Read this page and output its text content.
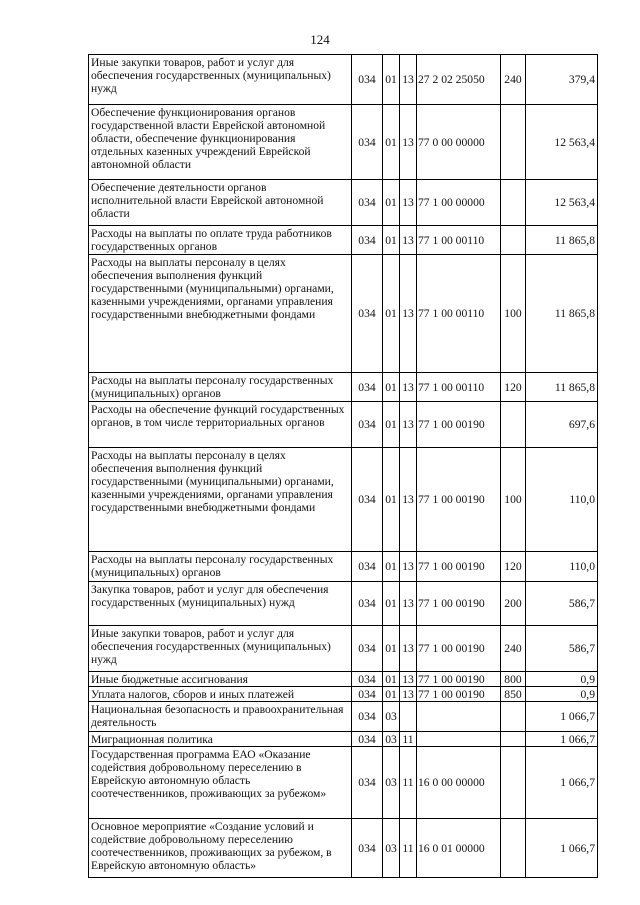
124
Иные закупки товаров, работ и услуг для обеспечения государственных (муниципальных) нужд	034	01	13	27 2 02 25050	240	379,4
Обеспечение функционирования органов государственной власти Еврейской автономной области, обеспечение функционирования отдельных казенных учреждений Еврейской автономной области	034	01	13	77 0 00 00000		12 563,4
Обеспечение деятельности органов исполнительной власти Еврейской автономной области	034	01	13	77 1 00 00000		12 563,4
Расходы на выплаты по оплате труда работников государственных органов	034	01	13	77 1 00 00110		11 865,8
Расходы на выплаты персоналу в целях обеспечения выполнения функций государственными (муниципальными) органами, казенными учреждениями, органами управления государственными внебюджетными фондами	034	01	13	77 1 00 00110	100	11 865,8
Расходы на выплаты персоналу государственных (муниципальных) органов	034	01	13	77 1 00 00110	120	11 865,8
Расходы на обеспечение функций государственных органов, в том числе территориальных органов	034	01	13	77 1 00 00190		697,6
Расходы на выплаты персоналу в целях обеспечения выполнения функций государственными (муниципальными) органами, казенными учреждениями, органами управления государственными внебюджетными фондами	034	01	13	77 1 00 00190	100	110,0
Расходы на выплаты персоналу государственных (муниципальных) органов	034	01	13	77 1 00 00190	120	110,0
Закупка товаров, работ и услуг для обеспечения государственных (муниципальных) нужд	034	01	13	77 1 00 00190	200	586,7
Иные закупки товаров, работ и услуг для обеспечения государственных (муниципальных) нужд	034	01	13	77 1 00 00190	240	586,7
Иные бюджетные ассигнования	034	01	13	77 1 00 00190	800	0,9
Уплата налогов, сборов и иных платежей	034	01	13	77 1 00 00190	850	0,9
Национальная безопасность и правоохранительная деятельность	034	03				1 066,7
Миграционная политика	034	03	11			1 066,7
Государственная программа ЕАО «Оказание содействия добровольному переселению в Еврейскую автономную область соотечественников, проживающих за рубежом»	034	03	11	16 0 00 00000		1 066,7
Основное мероприятие «Создание условий и содействие добровольному переселению соотечественников, проживающих за рубежом, в Еврейскую автономную область»	034	03	11	16 0 01 00000		1 066,7
